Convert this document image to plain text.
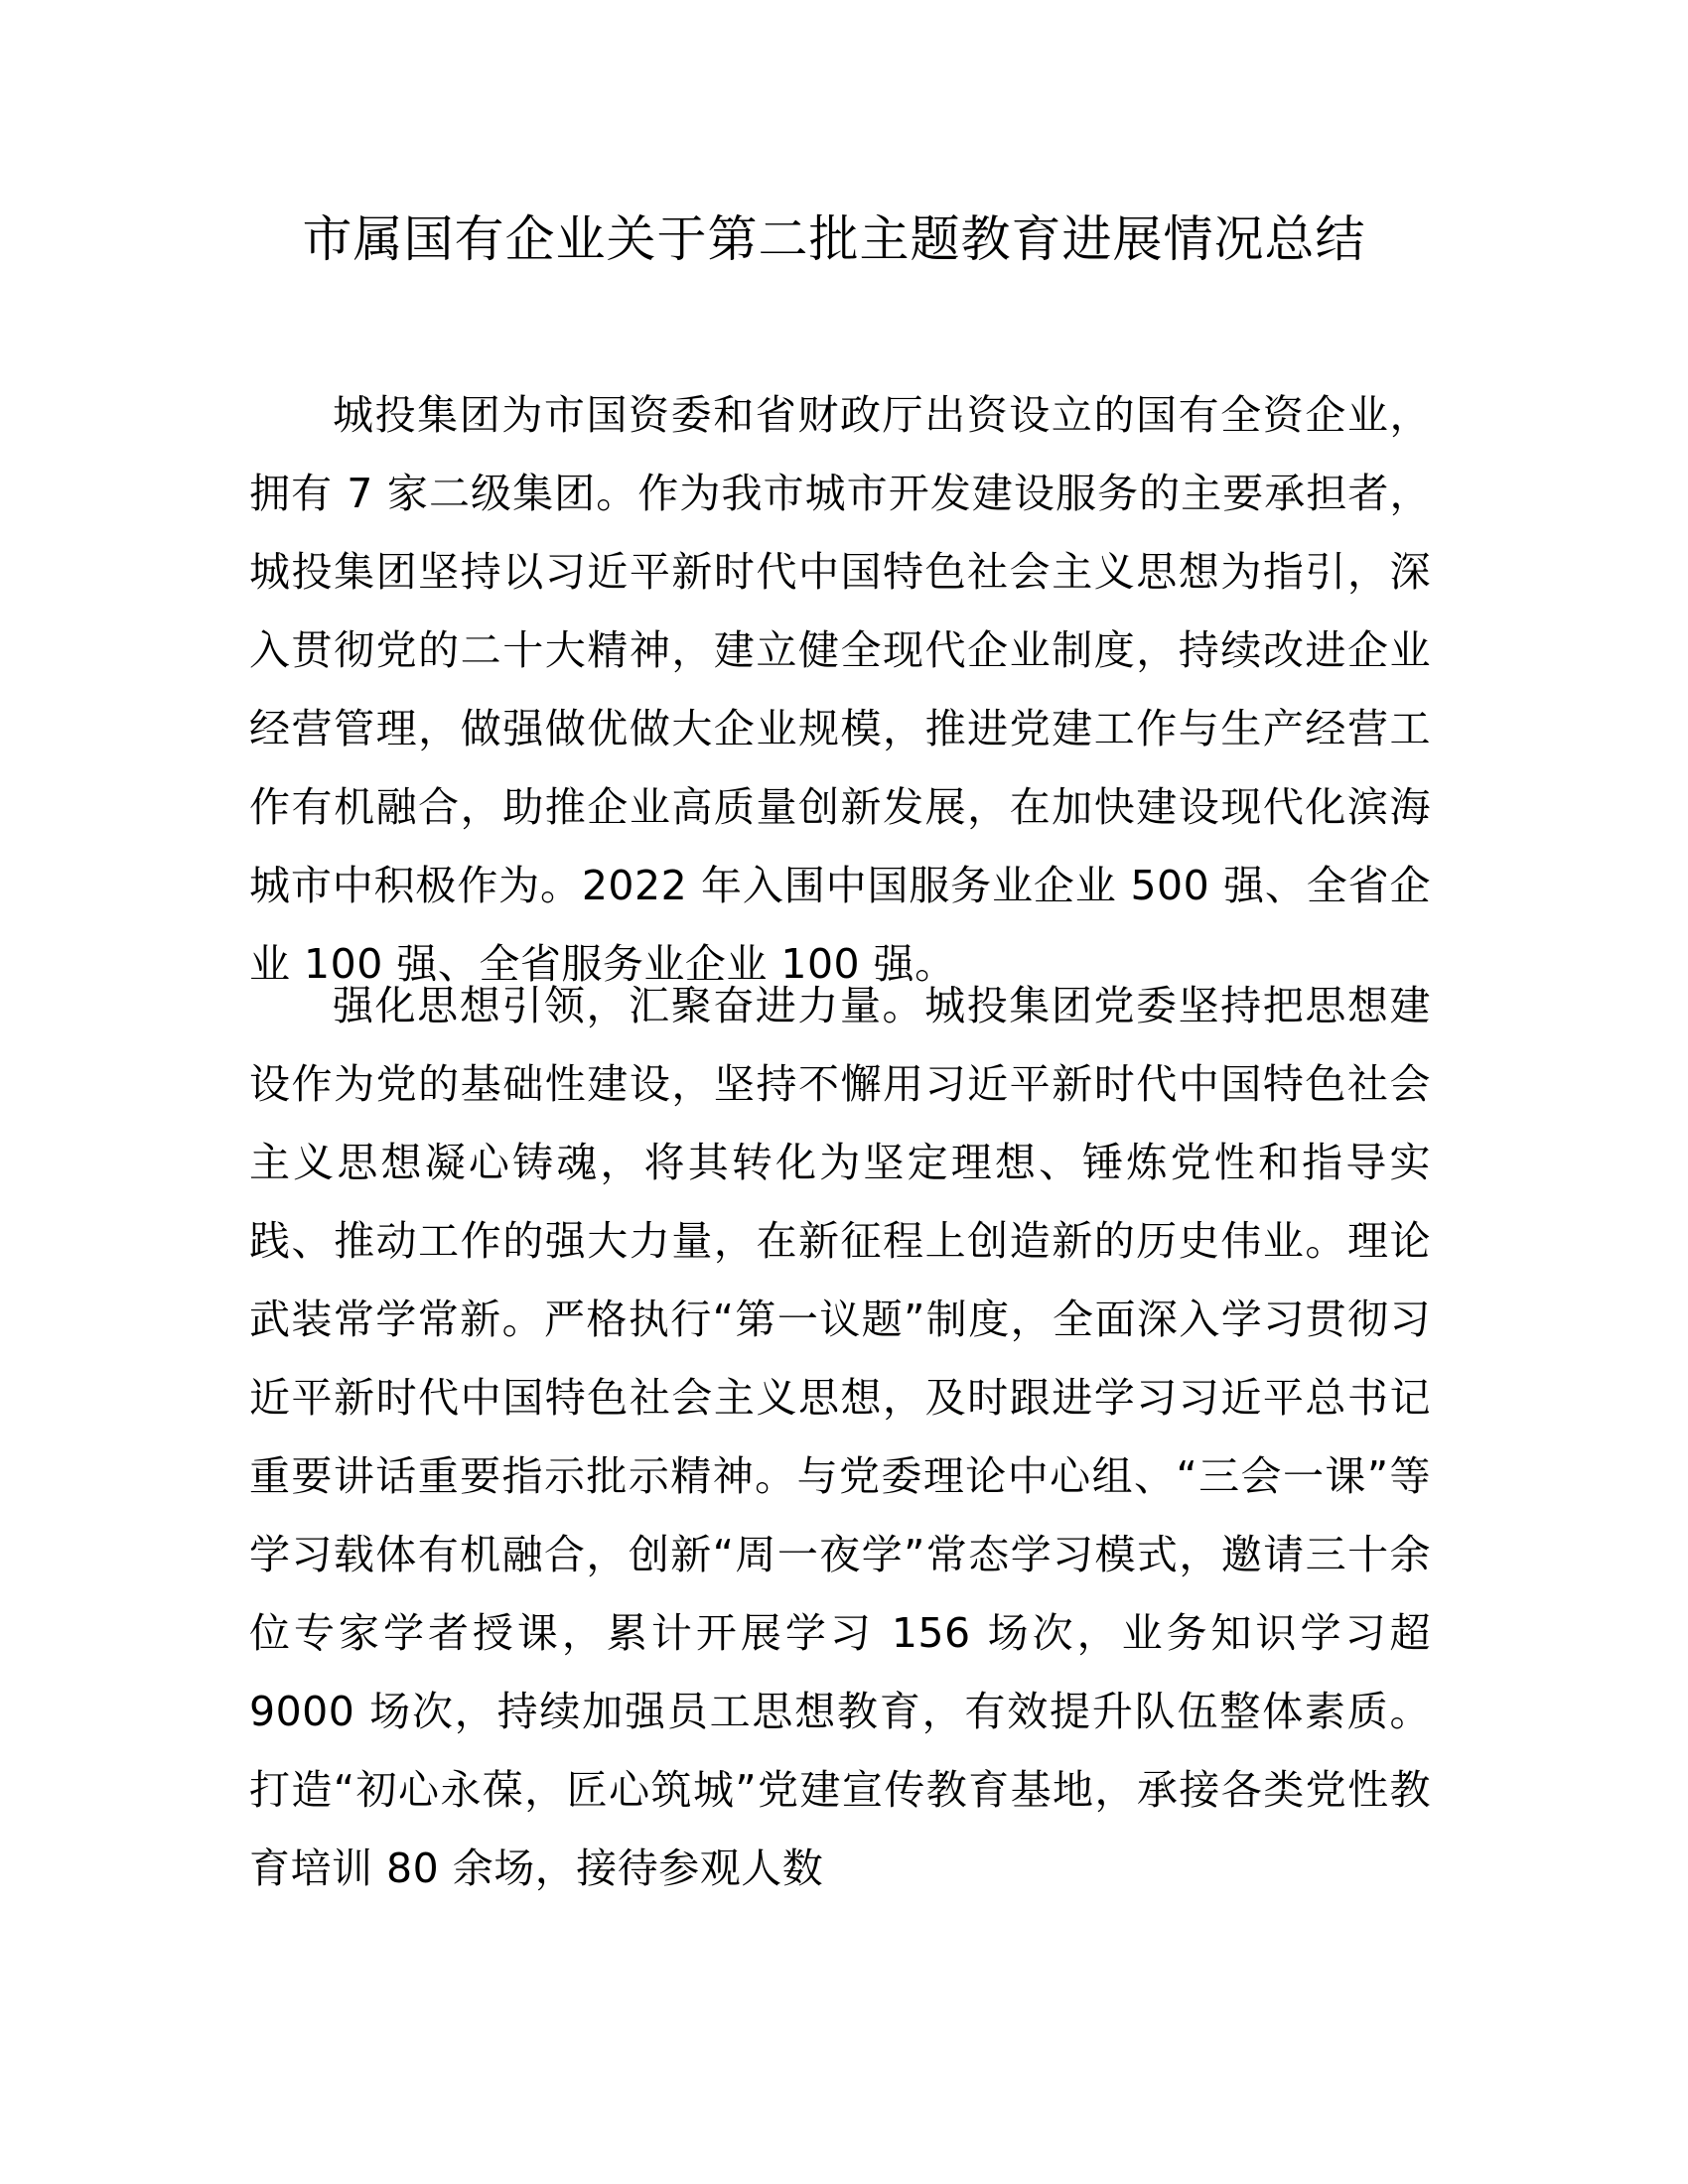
市属国有企业关于第二批主题教育进展情况总结

城投集团为市国资委和省财政厅出资设立的国有全资企业，拥有 7 家二级集团。作为我市城市开发建设服务的主要承担者，城投集团坚持以习近平新时代中国特色社会主义思想为指引，深入贯彻党的二十大精神，建立健全现代企业制度，持续改进企业经营管理，做强做优做大企业规模，推进党建工作与生产经营工作有机融合，助推企业高质量创新发展，在加快建设现代化滨海城市中积极作为。2022 年入围中国服务业企业 500 强、全省企业 100 强、全省服务业企业 100 强。

强化思想引领，汇聚奋进力量。城投集团党委坚持把思想建设作为党的基础性建设，坚持不懈用习近平新时代中国特色社会主义思想凝心铸魂，将其转化为坚定理想、锤炼党性和指导实践、推动工作的强大力量，在新征程上创造新的历史伟业。理论武装常学常新。严格执行“第一议题”制度，全面深入学习贯彻习近平新时代中国特色社会主义思想，及时跟进学习习近平总书记重要讲话重要指示批示精神。与党委理论中心组、“三会一课”等学习载体有机融合，创新“周一夜学”常态学习模式，邀请三十余位专家学者授课，累计开展学习 156 场次，业务知识学习超 9000 场次，持续加强员工思想教育，有效提升队伍整体素质。打造“初心永葆，匠心筑城”党建宣传教育基地，承接各类党性教育培训 80 余场，接待参观人数
